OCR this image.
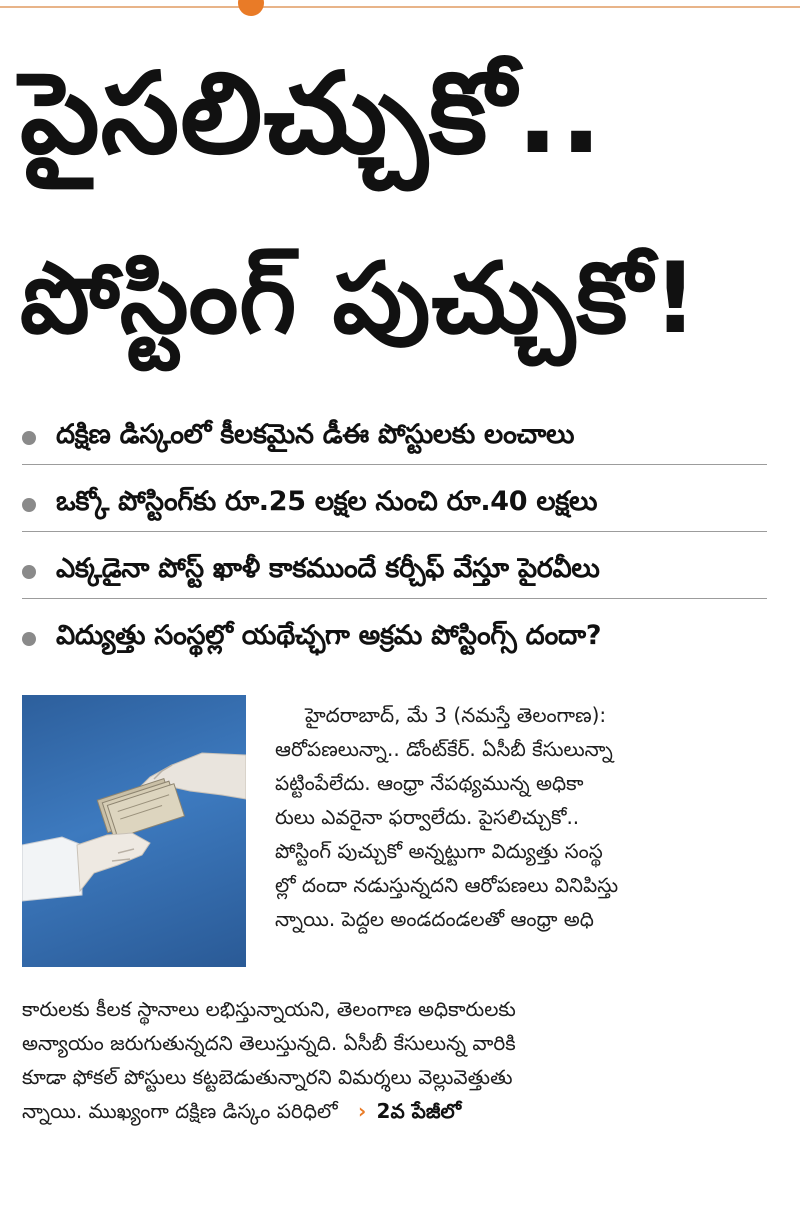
పైసలిచ్చుకో..
పోస్టింగ్ పుచ్చుకో!
దక్షిణ డిస్కంలో కీలకమైన డీఈ పోస్టులకు లంచాలు
ఒక్కో పోస్టింగ్‌కు రూ.25 లక్షల నుంచి రూ.40 లక్షలు
ఎక్కడైనా పోస్ట్ ఖాళీ కాకముందే కర్చీఫ్ వేస్తూ పైరవీలు
విద్యుత్తు సంస్థల్లో యథేచ్ఛగా అక్రమ పోస్టింగ్స్ దందా?
హైదరాబాద్, మే 3 (నమస్తే తెలంగాణ):
ఆరోపణలున్నా.. డోంట్‌కేర్. ఏసీబీ కేసులున్నా
పట్టింపేలేదు. ఆంధ్రా నేపథ్యమున్న అధికా
రులు ఎవరైనా ఫర్వాలేదు. పైసలిచ్చుకో..
పోస్టింగ్ పుచ్చుకో అన్నట్టుగా విద్యుత్తు సంస్థ
ల్లో దందా నడుస్తున్నదని ఆరోపణలు వినిపిస్తు
న్నాయి. పెద్దల అండదండలతో ఆంధ్రా అధి
కారులకు కీలక స్థానాలు లభిస్తున్నాయని, తెలంగాణ అధికారులకు
అన్యాయం జరుగుతున్నదని తెలుస్తున్నది. ఏసీబీ కేసులున్న వారికి
కూడా ఫోకల్ పోస్టులు కట్టబెడుతున్నారని విమర్శలు వెల్లువెత్తుతు
న్నాయి. ముఖ్యంగా దక్షిణ డిస్కం పరిధిలో › 2వ పేజీలో
